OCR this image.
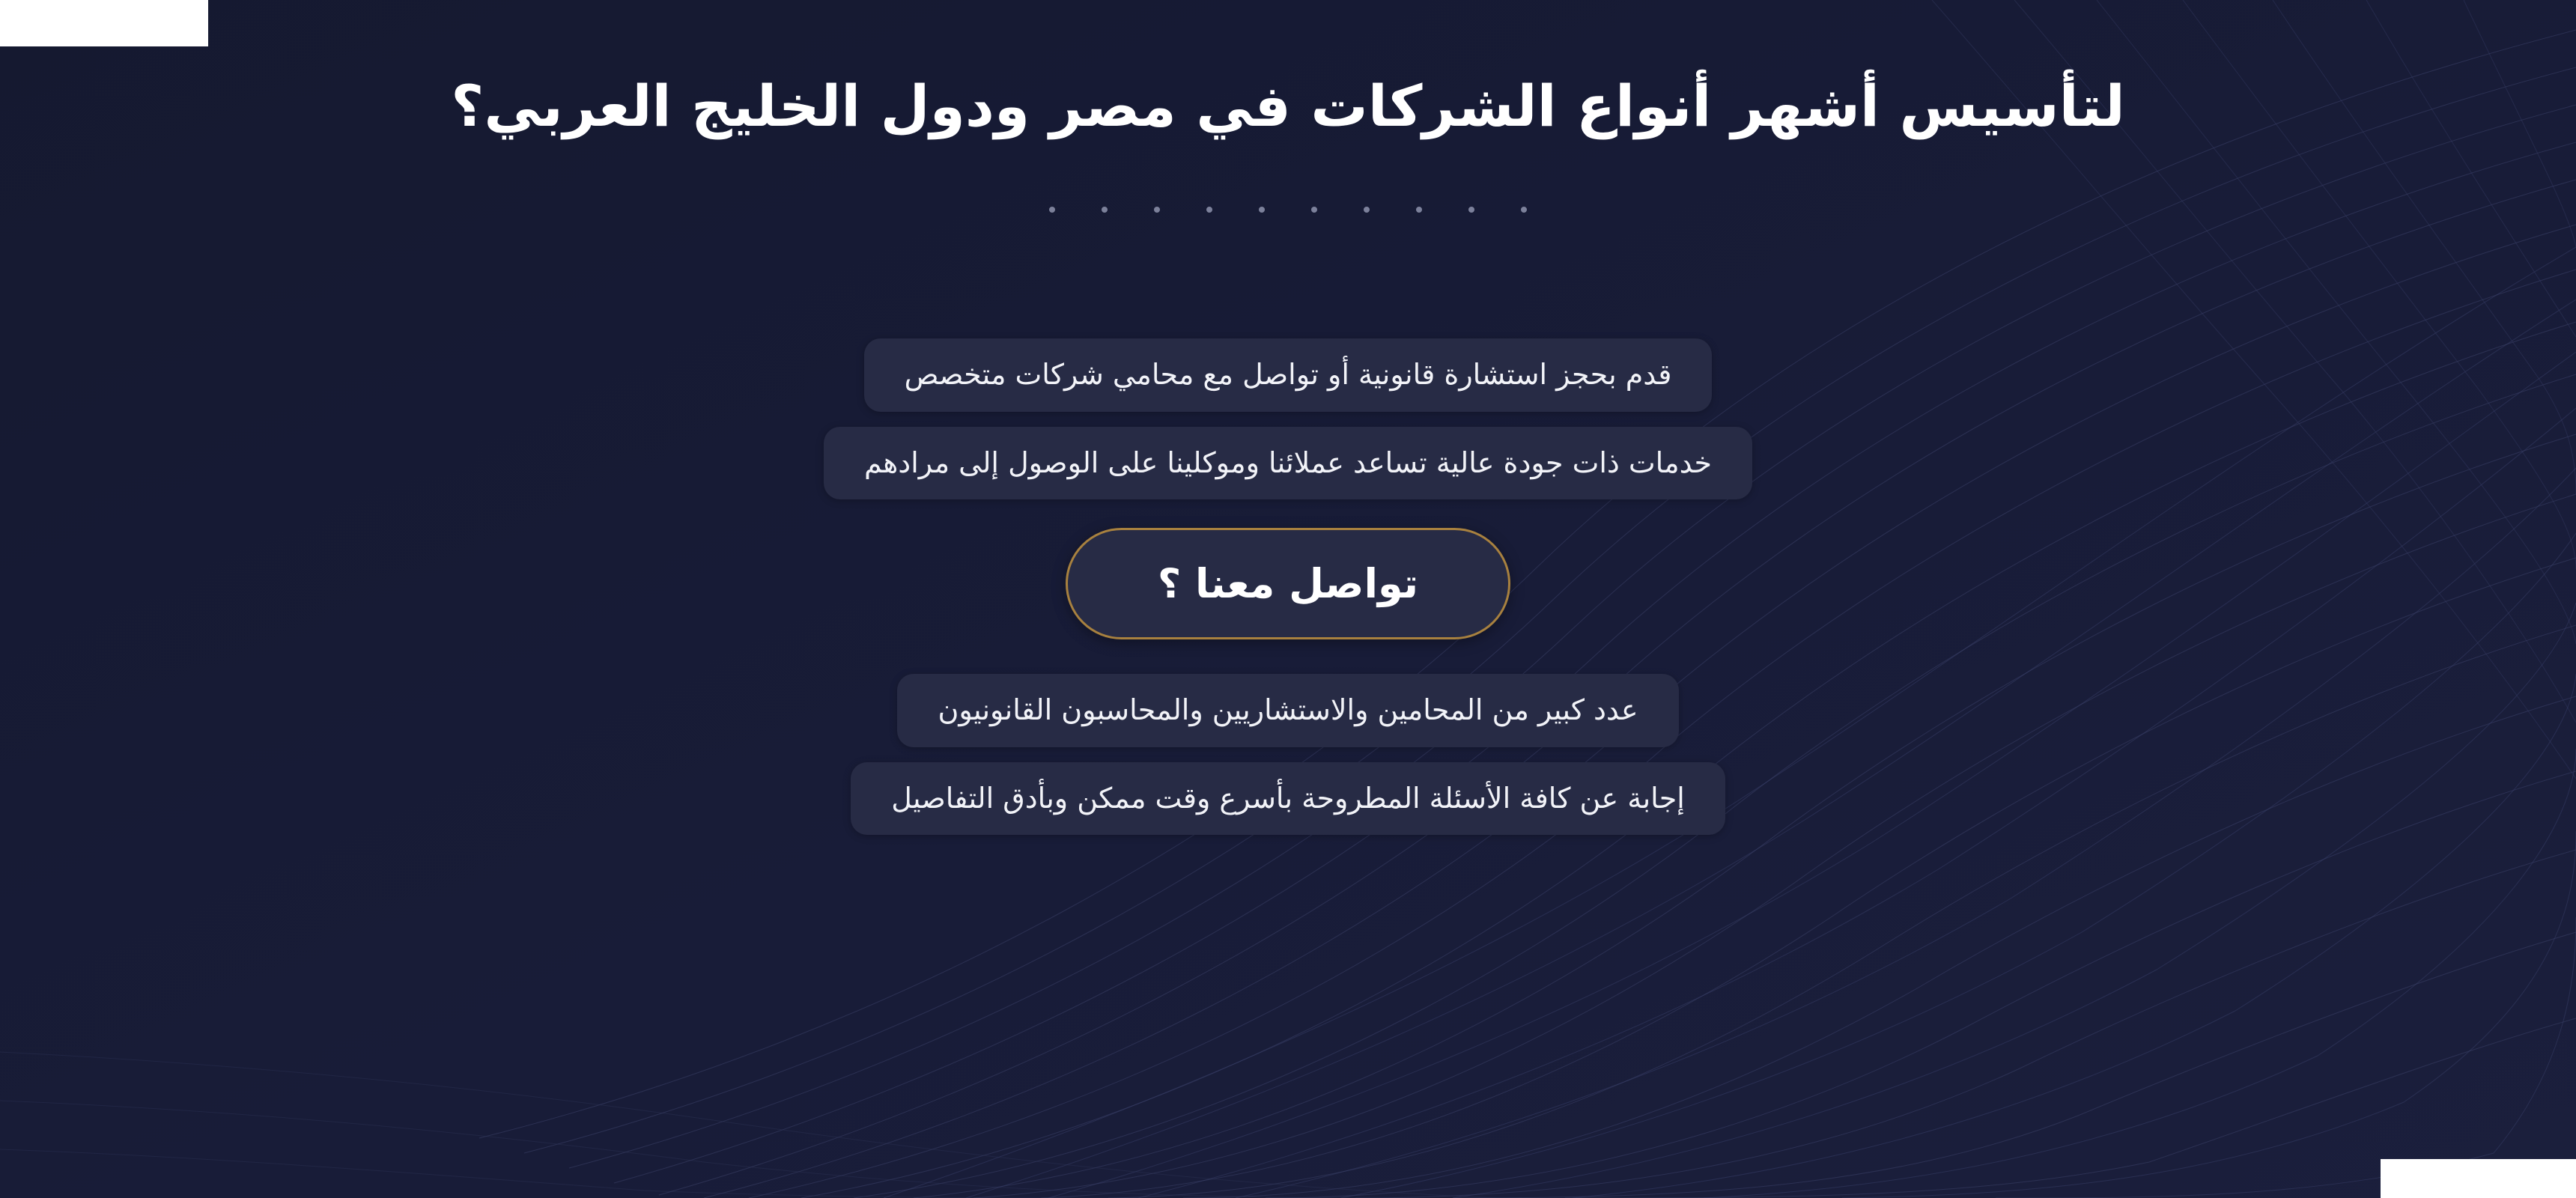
لتأسيس أشهر أنواع الشركات في مصر ودول الخليج العربي؟
قدم بحجز استشارة قانونية أو تواصل مع محامي شركات متخصص
خدمات ذات جودة عالية تساعد عملائنا وموكلينا على الوصول إلى مرادهم
تواصل معنا ؟
عدد كبير من المحامين والاستشاريين والمحاسبون القانونيون
إجابة عن كافة الأسئلة المطروحة بأسرع وقت ممكن وبأدق التفاصيل
